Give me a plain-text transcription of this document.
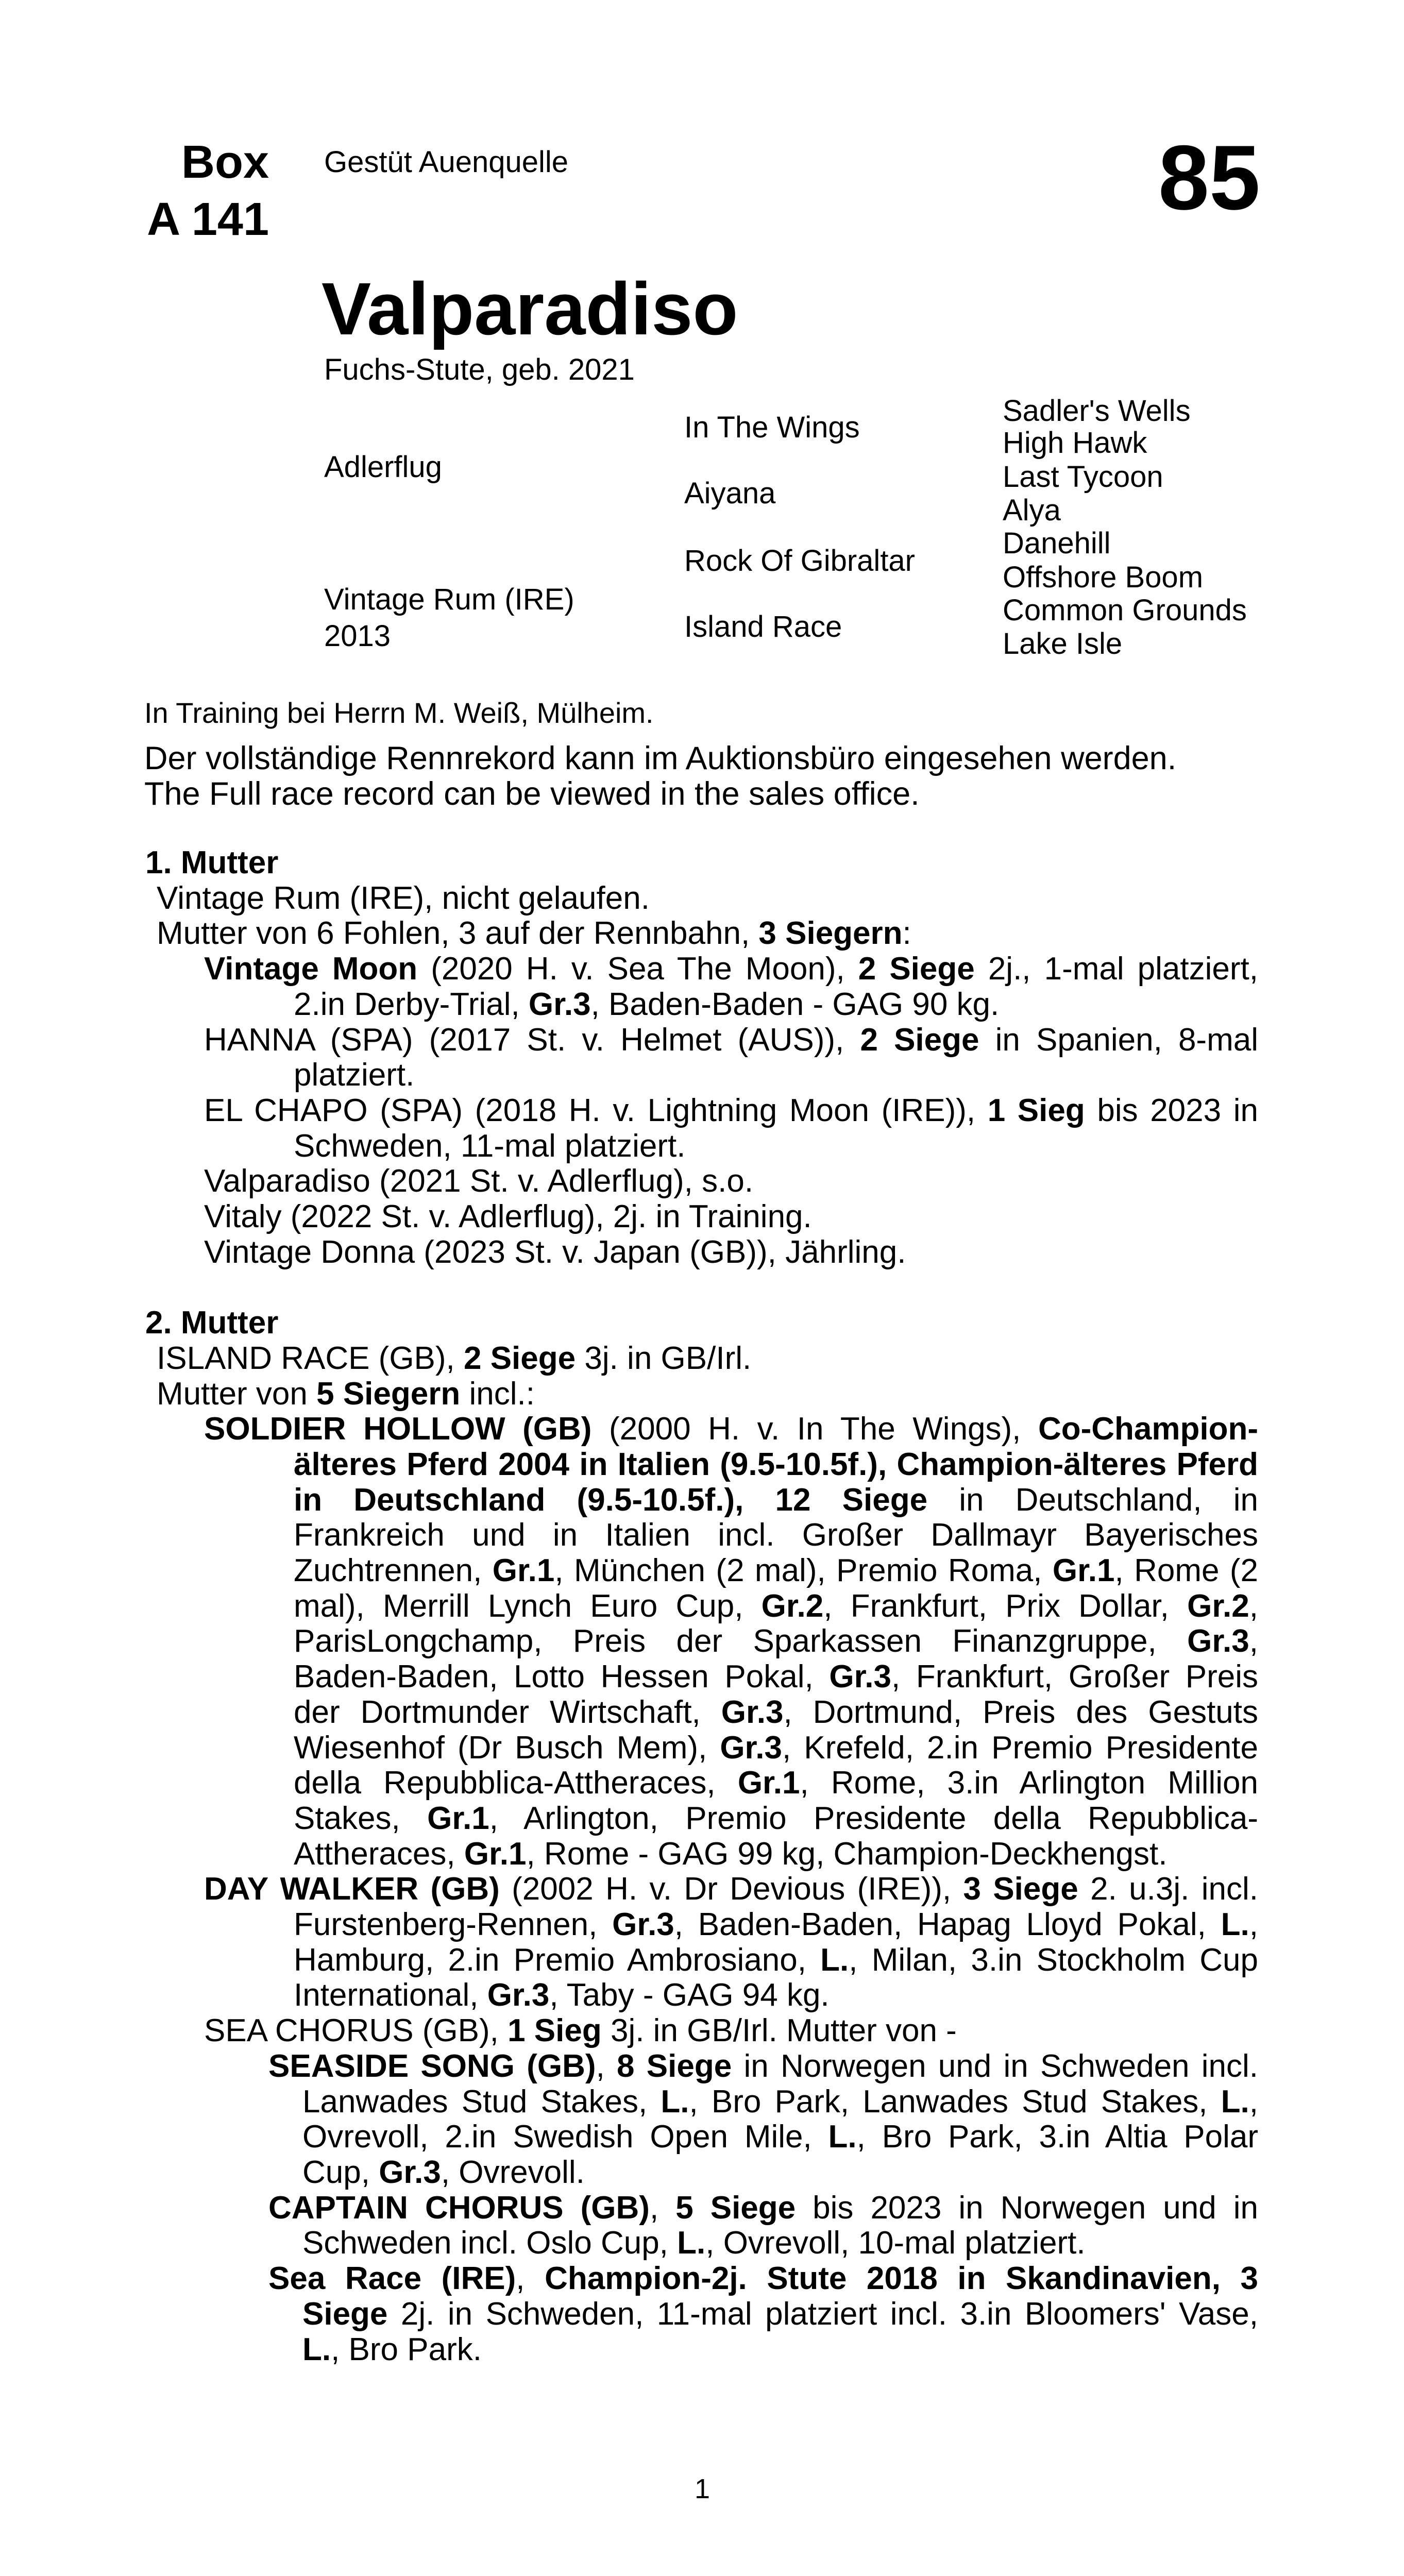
Box
A 141
Gestüt Auenquelle	85
Valparadiso
Fuchs-Stute, geb. 2021
Adlerflug
Vintage Rum (IRE)
2013
In The Wings
Aiyana
Rock Of Gibraltar
Island Race
Sadler's Wells
High Hawk
Last Tycoon
Alya
Danehill
Offshore Boom
Common Grounds
Lake Isle
In Training bei Herrn M. Weiß, Mülheim.
Der vollständige Rennrekord kann im Auktionsbüro eingesehen werden.
The Full race record can be viewed in the sales office.
1. Mutter
Vintage Rum (IRE), nicht gelaufen.
Mutter von 6 Fohlen, 3 auf der Rennbahn, 3 Siegern:
Vintage Moon (2020 H. v. Sea The Moon), 2 Siege 2j., 1-mal platziert, 2.in Derby-Trial, Gr.3, Baden-Baden - GAG 90 kg.
HANNA (SPA) (2017 St. v. Helmet (AUS)), 2 Siege in Spanien, 8-mal platziert.
EL CHAPO (SPA) (2018 H. v. Lightning Moon (IRE)), 1 Sieg bis 2023 in Schweden, 11-mal platziert.
Valparadiso (2021 St. v. Adlerflug), s.o.
Vitaly (2022 St. v. Adlerflug), 2j. in Training.
Vintage Donna (2023 St. v. Japan (GB)), Jährling.
2. Mutter
ISLAND RACE (GB), 2 Siege 3j. in GB/Irl.
Mutter von 5 Siegern incl.:
SOLDIER HOLLOW (GB) (2000 H. v. In The Wings), Co-Champion-älteres Pferd 2004 in Italien (9.5-10.5f.), Champion-älteres Pferd in Deutschland (9.5-10.5f.), 12 Siege in Deutschland, in Frankreich und in Italien incl. Großer Dallmayr Bayerisches Zuchtrennen, Gr.1, München (2 mal), Premio Roma, Gr.1, Rome (2 mal), Merrill Lynch Euro Cup, Gr.2, Frankfurt, Prix Dollar, Gr.2, ParisLongchamp, Preis der Sparkassen Finanzgruppe, Gr.3, Baden-Baden, Lotto Hessen Pokal, Gr.3, Frankfurt, Großer Preis der Dortmunder Wirtschaft, Gr.3, Dortmund, Preis des Gestuts Wiesenhof (Dr Busch Mem), Gr.3, Krefeld, 2.in Premio Presidente della Repubblica-Attheraces, Gr.1, Rome, 3.in Arlington Million Stakes, Gr.1, Arlington, Premio Presidente della Repubblica-Attheraces, Gr.1, Rome - GAG 99 kg, Champion-Deckhengst.
DAY WALKER (GB) (2002 H. v. Dr Devious (IRE)), 3 Siege 2. u.3j. incl. Furstenberg-Rennen, Gr.3, Baden-Baden, Hapag Lloyd Pokal, L., Hamburg, 2.in Premio Ambrosiano, L., Milan, 3.in Stockholm Cup International, Gr.3, Taby - GAG 94 kg.
SEA CHORUS (GB), 1 Sieg 3j. in GB/Irl. Mutter von -
SEASIDE SONG (GB), 8 Siege in Norwegen und in Schweden incl. Lanwades Stud Stakes, L., Bro Park, Lanwades Stud Stakes, L., Ovrevoll, 2.in Swedish Open Mile, L., Bro Park, 3.in Altia Polar Cup, Gr.3, Ovrevoll.
CAPTAIN CHORUS (GB), 5 Siege bis 2023 in Norwegen und in Schweden incl. Oslo Cup, L., Ovrevoll, 10-mal platziert.
Sea Race (IRE), Champion-2j. Stute 2018 in Skandinavien, 3 Siege 2j. in Schweden, 11-mal platziert incl. 3.in Bloomers' Vase, L., Bro Park.
1
